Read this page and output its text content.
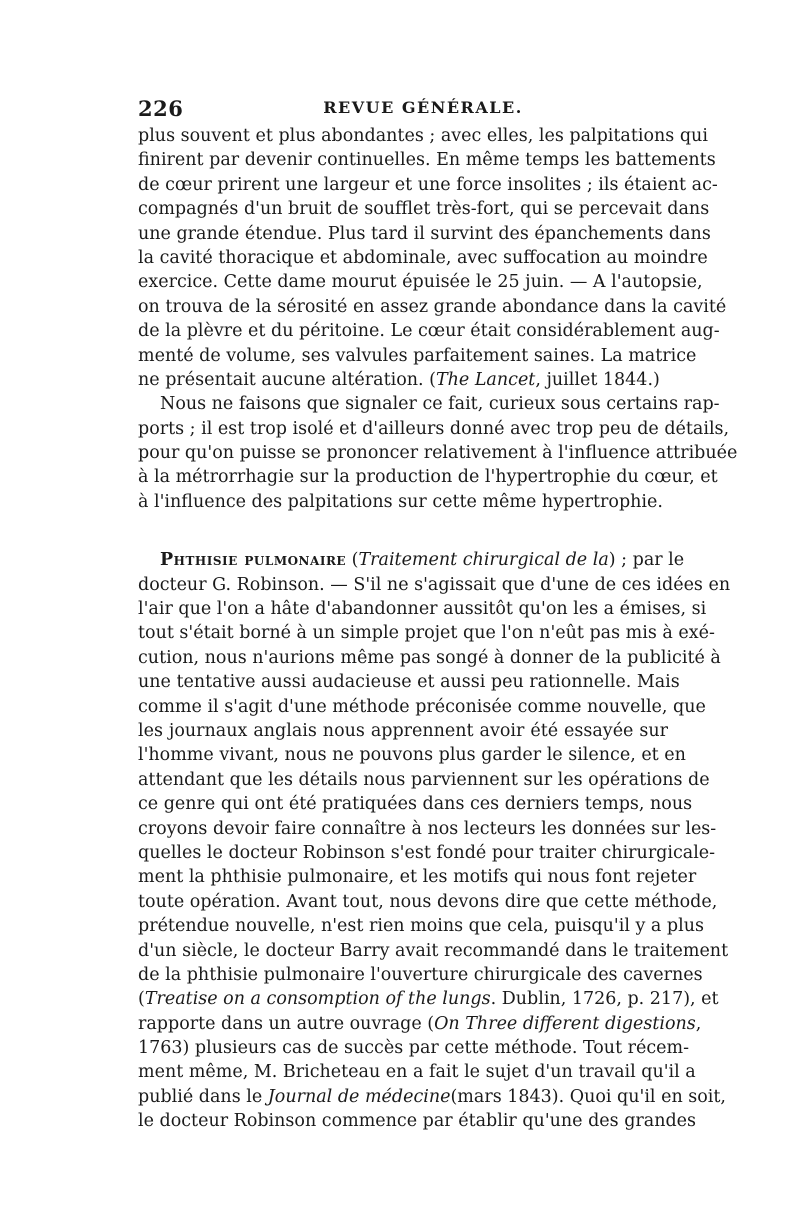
226	REVUE GÉNÉRALE.
plus souvent et plus abondantes ; avec elles, les palpitations qui
finirent par devenir continuelles. En même temps les battements
de cœur prirent une largeur et une force insolites ; ils étaient ac-
compagnés d'un bruit de soufflet très-fort, qui se percevait dans
une grande étendue. Plus tard il survint des épanchements dans
la cavité thoracique et abdominale, avec suffocation au moindre
exercice. Cette dame mourut épuisée le 25 juin. — A l'autopsie,
on trouva de la sérosité en assez grande abondance dans la cavité
de la plèvre et du péritoine. Le cœur était considérablement aug-
menté de volume, ses valvules parfaitement saines. La matrice
ne présentait aucune altération. (The Lancet, juillet 1844.)
Nous ne faisons que signaler ce fait, curieux sous certains rap-
ports ; il est trop isolé et d'ailleurs donné avec trop peu de détails,
pour qu'on puisse se prononcer relativement à l'influence attribuée
à la métrorrhagie sur la production de l'hypertrophie du cœur, et
à l'influence des palpitations sur cette même hypertrophie.
Phthisie pulmonaire (Traitement chirurgical de la ) ; par le
docteur G. Robinson. — S'il ne s'agissait que d'une de ces idées en
l'air que l'on a hâte d'abandonner aussitôt qu'on les a émises, si
tout s'était borné à un simple projet que l'on n'eût pas mis à exé-
cution, nous n'aurions même pas songé à donner de la publicité à
une tentative aussi audacieuse et aussi peu rationnelle. Mais
comme il s'agit d'une méthode préconisée comme nouvelle, que
les journaux anglais nous apprennent avoir été essayée sur
l'homme vivant, nous ne pouvons plus garder le silence, et en
attendant que les détails nous parviennent sur les opérations de
ce genre qui ont été pratiquées dans ces derniers temps, nous
croyons devoir faire connaître à nos lecteurs les données sur les-
quelles le docteur Robinson s'est fondé pour traiter chirurgicale-
ment la phthisie pulmonaire, et les motifs qui nous font rejeter
toute opération. Avant tout, nous devons dire que cette méthode,
prétendue nouvelle, n'est rien moins que cela, puisqu'il y a plus
d'un siècle, le docteur Barry avait recommandé dans le traitement
de la phthisie pulmonaire l'ouverture chirurgicale des cavernes
(Treatise on a consomption of the lungs . Dublin, 1726, p. 217), et
rapporte dans un autre ouvrage ( On Three different digestions,
1763) plusieurs cas de succès par cette méthode. Tout récem-
ment même, M. Bricheteau en a fait le sujet d'un travail qu'il a
publié dans le Journal de médecine (mars 1843). Quoi qu'il en soit,
le docteur Robinson commence par établir qu'une des grandes
